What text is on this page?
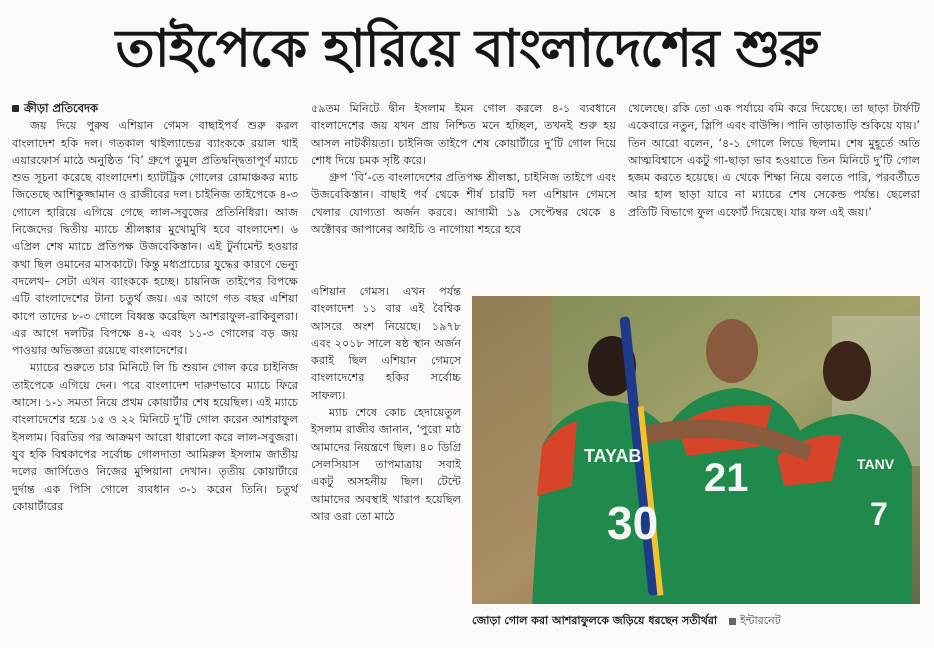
তাইপেকে হারিয়ে বাংলাদেশের শুরু
ক্রীড়া প্রতিবেদক

জয় দিয়ে পুরুষ এশিয়ান গেমস বাছাইপর্ব শুরু করল বাংলাদেশ হকি দল। গতকাল থাইল্যান্ডের ব্যাংককে রয়াল থাই এয়ারফোর্স মাঠে অনুষ্ঠিত ‘বি’ গ্রুপে তুমুল প্রতিদ্বন্দ্বিতাপূর্ণ ম্যাচে শুভ সূচনা করেছে বাংলাদেশ। হ্যাটট্রিক গোলের রোমাঞ্চকর ম্যাচ জিতেছে আশিকুজ্জামান ও রাজীবের দল। চাইনিজ তাইপেকে ৪-৩ গোলে হারিয়ে এগিয়ে গেছে লাল-সবুজের প্রতিনিধিরা। আজ নিজেদের দ্বিতীয় ম্যাচে শ্রীলঙ্কার মুখোমুখি হবে বাংলাদেশ। ৬ এপ্রিল শেষ ম্যাচে প্রতিপক্ষ উজবেকিস্তান। এই টুর্নামেন্ট হওয়ার কথা ছিল ওমানের মাসকাটে। কিন্তু মধ্যপ্রাচ্যের যুদ্ধের কারণে ভেন্যু বদলেথ– সেটা এখন ব্যাংককে হচ্ছে। চায়নিজ তাইপের বিপক্ষে এটি বাংলাদেশের টানা চতুর্থ জয়। এর আগে গত বছর এশিয়া কাপে তাদের ৮-৩ গোলে বিধ্বস্ত করেছিল আশরাফুল-রাকিবুলরা। এর আগে দলটির বিপক্ষে ৪-২ এবং ১১-৩ গোলের বড় জয় পাওয়ার অভিজ্ঞতা রয়েছে বাংলাদেশের।

ম্যাচের শুরুতে চার মিনিটে লি চি শুয়ান গোল করে চাইনিজ তাইপেকে এগিয়ে দেন। পরে বাংলাদেশ দারুণভাবে ম্যাচে ফিরে আসে। ১-১ সমতা নিয়ে প্রথম কোয়ার্টার শেষ হয়েছিল। এই ম্যাচে বাংলাদেশের হয়ে ১৫ ও ২২ মিনিটে দু’টি গোল করেন আশরাফুল ইসলাম। বিরতির পর আক্রমণ আরো ধারালো করে লাল-সবুজরা। যুব হকি বিশ্বকাপের সর্বোচ্চ গোলদাতা আমিরুল ইসলাম জাতীয় দলের জার্সিতেও নিজের মুন্সিয়ানা দেখান। তৃতীয় কোয়ার্টারে দুর্দান্ত এক পিসি গোলে ব্যবধান ৩-১ করেন তিনি। চতুর্থ কোয়ার্টারের

৫৯তম মিনিটে দ্বীন ইসলাম ইমন গোল করলে ৪-১ ব্যবধানে বাংলাদেশের জয় যখন প্রায় নিশ্চিত মনে হচ্ছিল, তখনই শুরু হয় আসল নাটকীয়তা। চাইনিজ তাইপে শেষ কোয়ার্টারে দু’টি গোল দিয়ে শোধ দিয়ে চমক সৃষ্টি করে।

গ্রুপ ‘বি’-তে বাংলাদেশের প্রতিপক্ষ শ্রীলঙ্কা, চাইনিজ তাইপে এবং উজবেকিস্তান। বাছাই পর্ব থেকে শীর্ষ চারটি দল এশিয়ান গেমসে খেলার যোগ্যতা অর্জন করবে। আগামী ১৯ সেপ্টেম্বর থেকে ৪ অক্টোবর জাপানের আইচি ও নাগোয়া শহরে হবে

এশিয়ান গেমস। এখন পর্যন্ত বাংলাদেশ ১১ বার এই বৈশ্বিক আসরে অংশ নিয়েছে। ১৯৭৮ এবং ২০১৮ সালে ষষ্ঠ স্থান অর্জন করাই ছিল এশিয়ান গেমসে বাংলাদেশের হকির সর্বোচ্চ সাফল্য।

ম্যাচ শেষে কোচ হেদায়েতুল ইসলাম রাজীব জানান, ‘পুরো মাঠ আমাদের নিয়ন্ত্রণে ছিল। ৪০ ডিগ্রি সেলসিয়াস তাপমাত্রায় সবাই একটু অসহনীয় ছিল। টেন্টে আমাদের অবস্থাই খারাপ হয়েছিল আর ওরা তো মাঠে

খেলেছে। রকি তো এক পর্যায়ে বমি করে দিয়েছে। তা ছাড়া টার্ফটি একেবারে নতুন, স্লিপি এবং বাউন্সি। পানি তাড়াতাড়ি শুকিয়ে যায়।’ তিন আরো বলেন, ‘৪-১ গোলে লিডে ছিলাম। শেষ মুহূর্তে অতি আত্মবিশ্বাসে একটু গা-ছাড়া ভাব হওয়াতে তিন মিনিটে দু’টি গোল হজম করতে হয়েছে। এ থেকে শিক্ষা নিয়ে বলতে পারি, পরবর্তীতে আর হাল ছাড়া যাবে না ম্যাচের শেষ সেকেন্ড পর্যন্ত। ছেলেরা প্রতিটি বিভাগে ফুল এফোর্ট দিয়েছে। যার ফল এই জয়।’

TAYAB	TANV
30
21
7
জোড়া গোল করা আশরাফুলকে জড়িয়ে ধরছেন সতীর্থরা ইন্টারনেট
